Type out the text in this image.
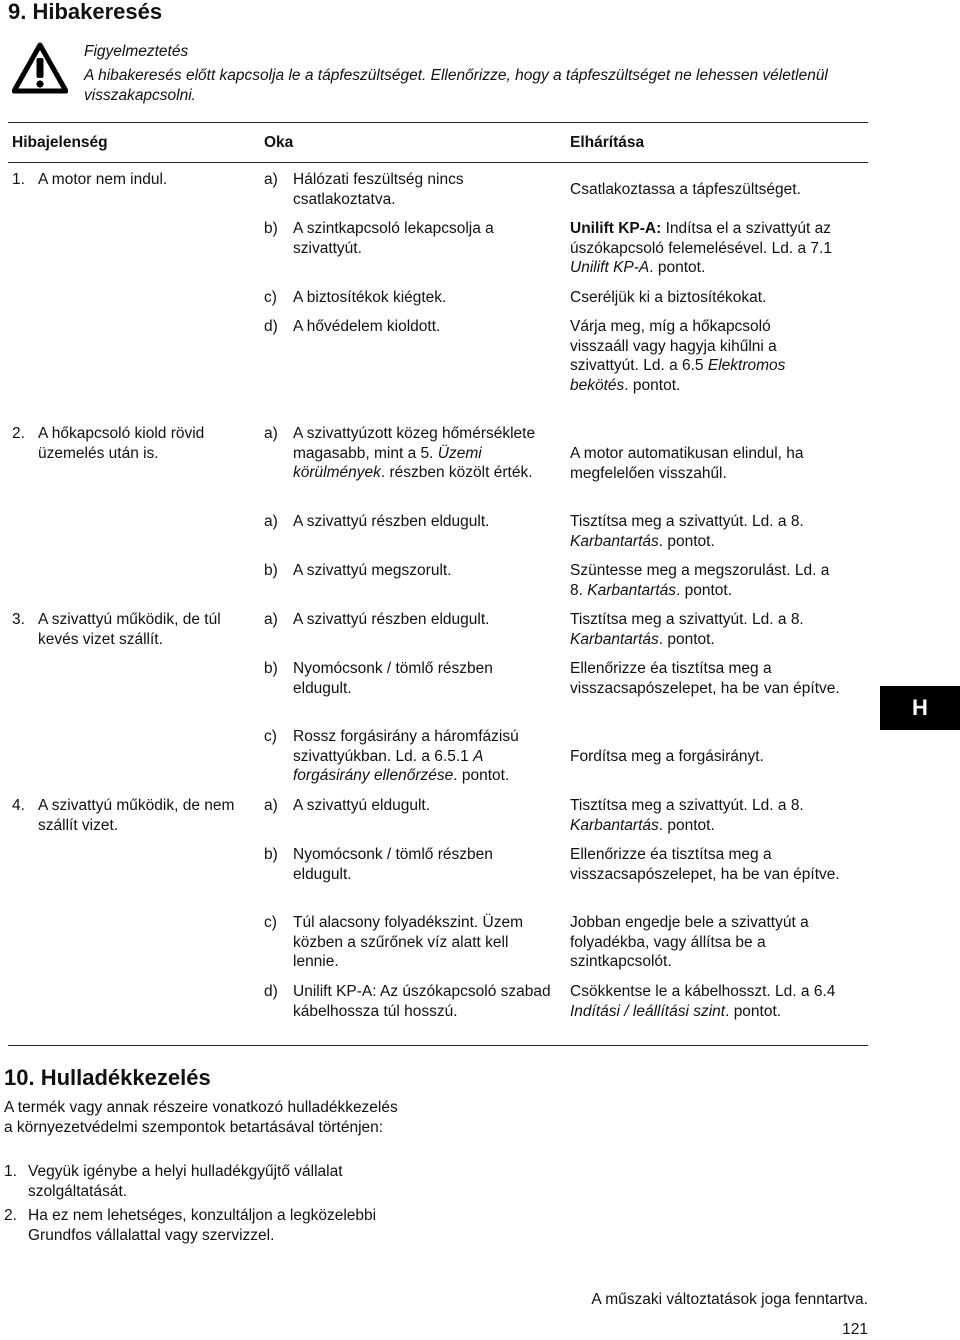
9. Hibakeresés
Figyelmeztetés
A hibakeresés előtt kapcsolja le a tápfeszültséget. Ellenőrizze, hogy a tápfeszültséget ne lehessen véletlenül visszakapcsolni.
Hibajelenség	Oka	Elhárítása
1. A motor nem indul.
2. A hőkapcsoló kiold rövid üzemelés után is.
3. A szivattyú működik, de túl kevés vizet szállít.
4. A szivattyú működik, de nem szállít vizet.
a) Hálózati feszültség nincs csatlakoztatva.
b) A szintkapcsoló lekapcsolja a szivattyút.
c) A biztosítékok kiégtek.
d) A hővédelem kioldott.
a) A szivattyúzott közeg hőmérséklete magasabb, mint a 5. Üzemi körülmények. részben közölt érték.
a) A szivattyú részben eldugult.
b) A szivattyú megszorult.
a) A szivattyú részben eldugult.
b) Nyomócsonk / tömlő részben eldugult.
c) Rossz forgásirány a háromfázisú szivattyúkban. Ld. a 6.5.1 A forgásirány ellenőrzése. pontot.
a) A szivattyú eldugult.
b) Nyomócsonk / tömlő részben eldugult.
c) Túl alacsony folyadékszint. Üzem közben a szűrőnek víz alatt kell lennie.
d) Unilift KP-A: Az úszókapcsoló szabad kábelhossza túl hosszú.
Csatlakoztassa a tápfeszültséget.
Unilift KP-A: Indítsa el a szivattyút az úszókapcsoló felemelésével. Ld. a 7.1 Unilift KP-A. pontot.
Cseréljük ki a biztosítékokat.
Várja meg, míg a hőkapcsoló visszaáll vagy hagyja kihűlni a szivattyút. Ld. a 6.5 Elektromos bekötés. pontot.
A motor automatikusan elindul, ha megfelelően visszahűl.
Tisztítsa meg a szivattyút. Ld. a 8. Karbantartás. pontot.
Szüntesse meg a megszorulást. Ld. a 8. Karbantartás. pontot.
Tisztítsa meg a szivattyút. Ld. a 8. Karbantartás. pontot.
Ellenőrizze éa tisztítsa meg a visszacsapószelepet, ha be van építve.
Fordítsa meg a forgásirányt.
Tisztítsa meg a szivattyút. Ld. a 8. Karbantartás. pontot.
Ellenőrizze éa tisztítsa meg a visszacsapószelepet, ha be van építve.
Jobban engedje bele a szivattyút a folyadékba, vagy állítsa be a szintkapcsolót.
Csökkentse le a kábelhosszt. Ld. a 6.4 Indítási / leállítási szint. pontot.
H
10. Hulladékkezelés
A termék vagy annak részeire vonatkozó hulladékkezelés a környezetvédelmi szempontok betartásával történjen:
1. Vegyük igénybe a helyi hulladékgyűjtő vállalat szolgáltatását.
2. Ha ez nem lehetséges, konzultáljon a legközelebbi Grundfos vállalattal vagy szervizzel.
A műszaki változtatások joga fenntartva.
121
